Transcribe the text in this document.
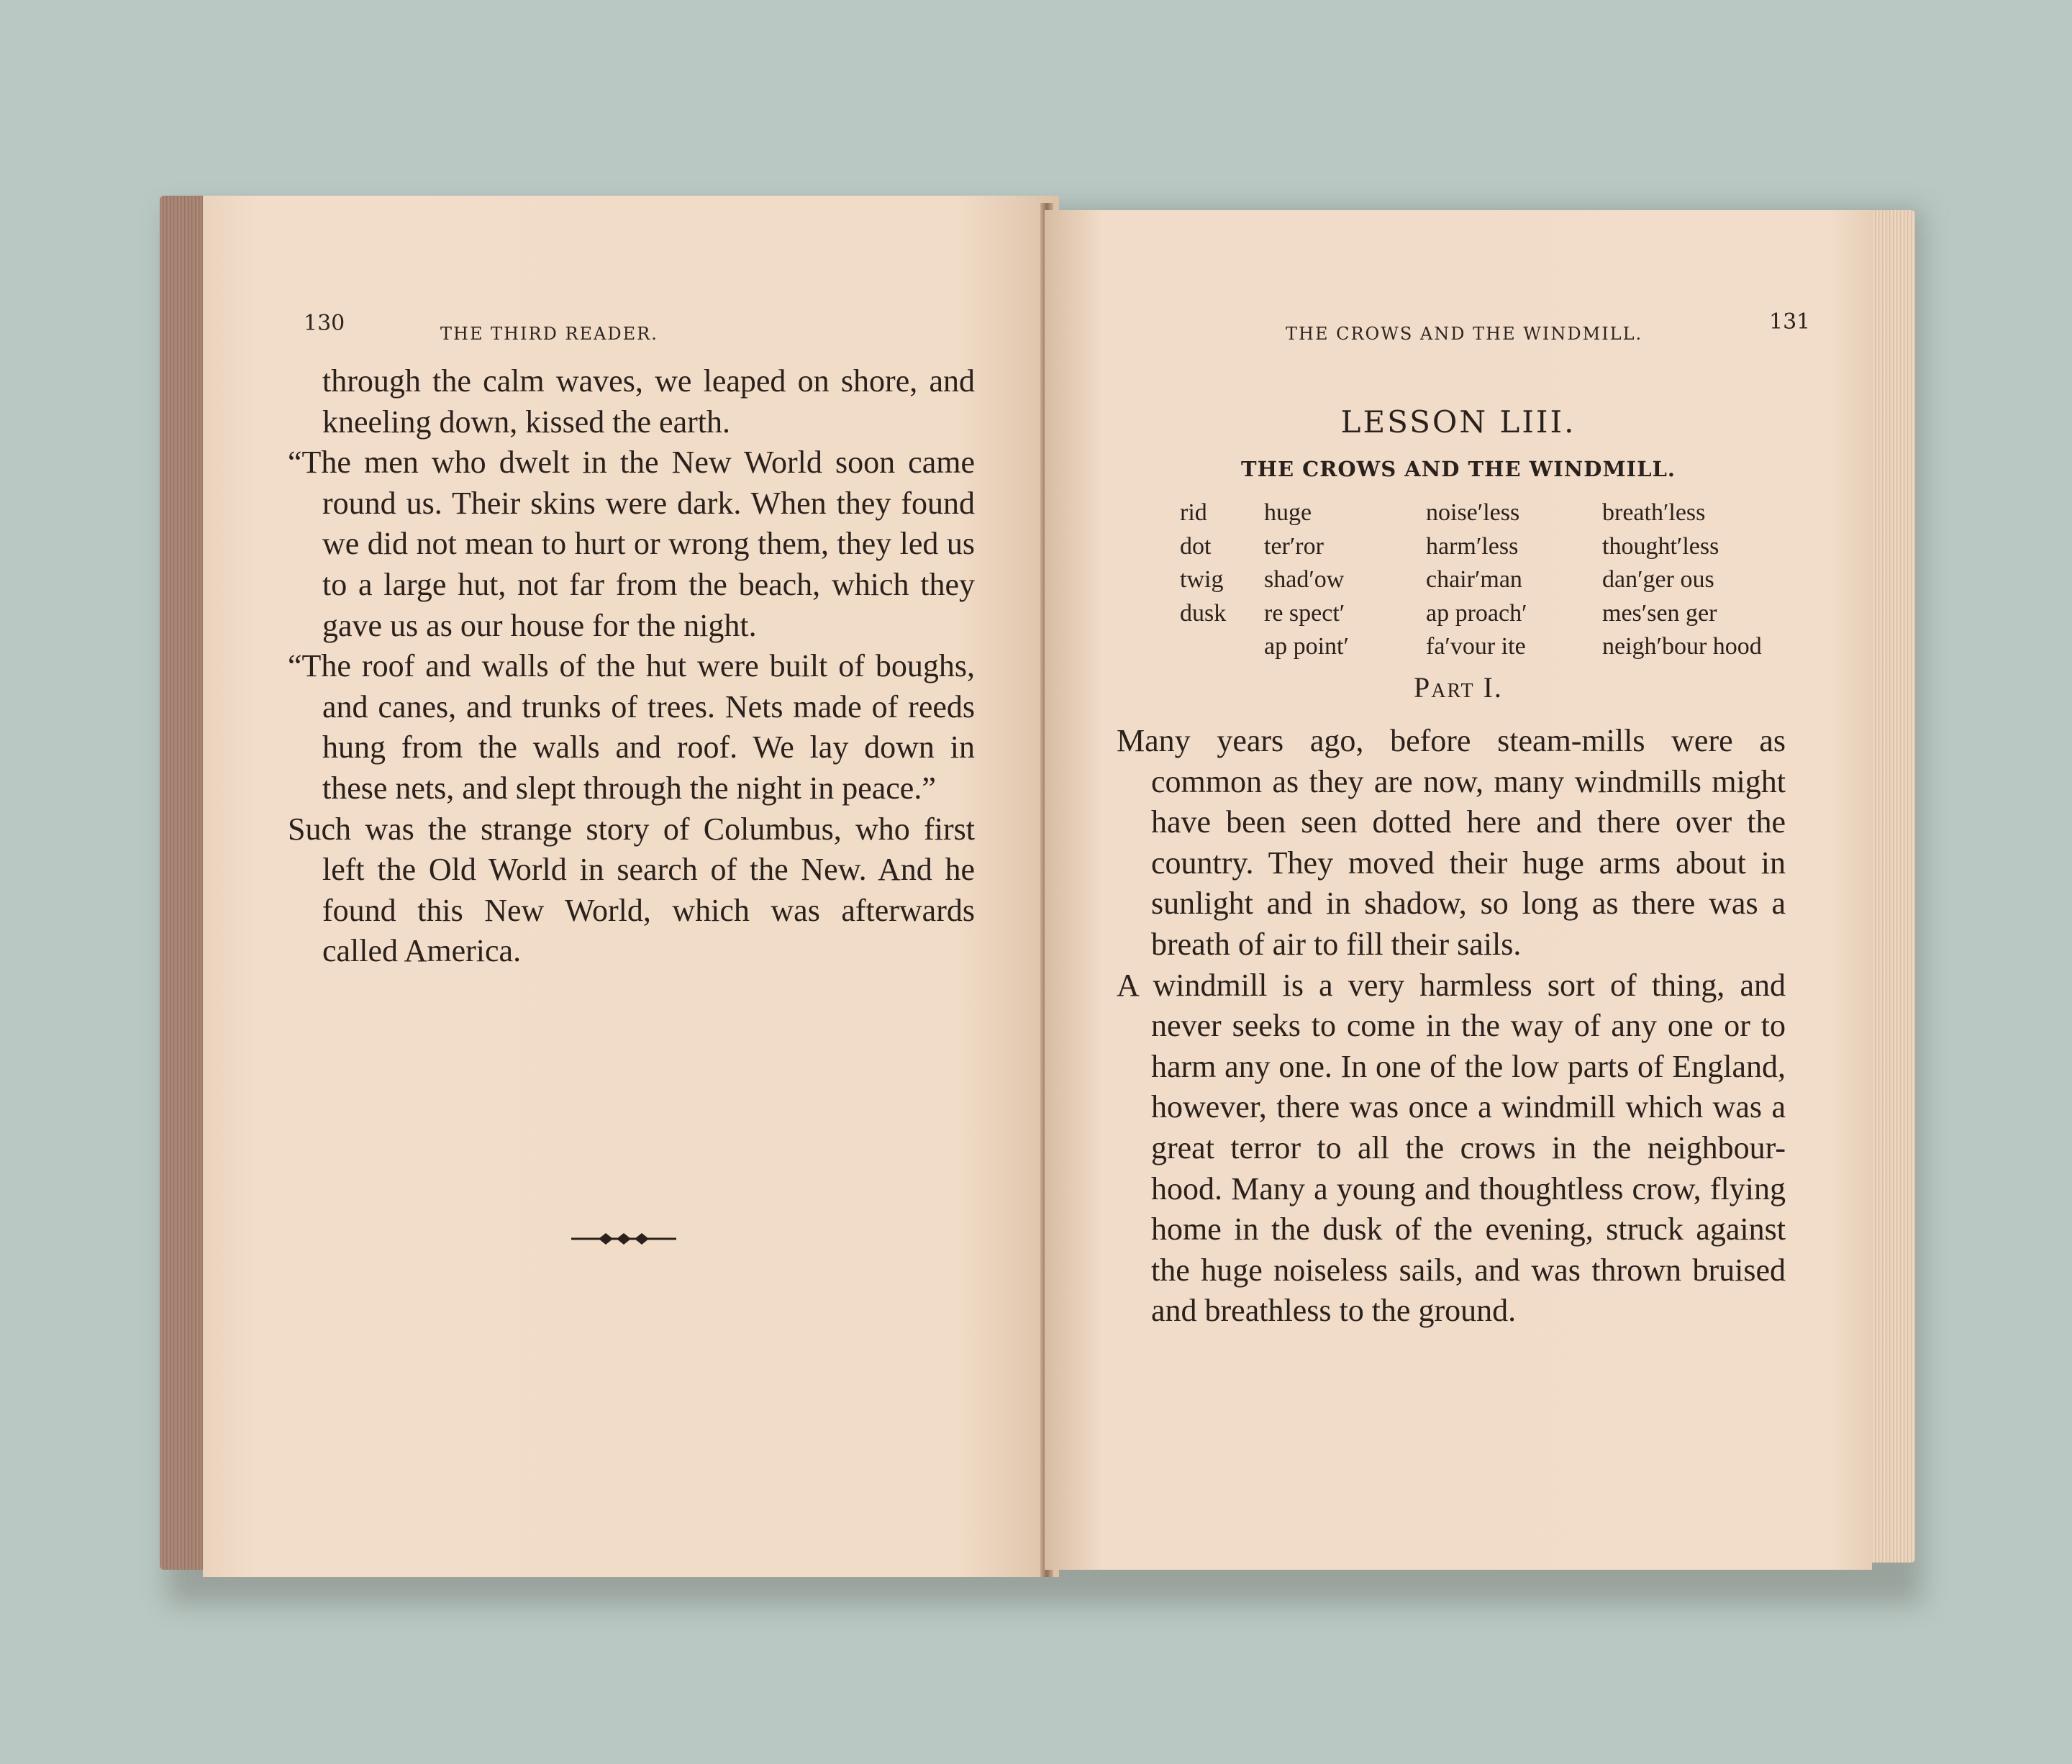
130	THE THIRD READER.

through the calm waves, we leaped on shore, and kneeling down, kissed the earth.

“The men who dwelt in the New World soon came round us. Their skins were dark. When they found we did not mean to hurt or wrong them, they led us to a large hut, not far from the beach, which they gave us as our house for the night.

“The roof and walls of the hut were built of boughs, and canes, and trunks of trees. Nets made of reeds hung from the walls and roof. We lay down in these nets, and slept through the night in peace.”

Such was the strange story of Columbus, who first left the Old World in search of the New. And he found this New World, which was afterwards called America.

THE CROWS AND THE WINDMILL.	131
LESSON LIII.
THE CROWS AND THE WINDMILL.
rid
dot
twig
dusk
huge
ter′ror
shad′ow
re spect′
ap point′
noise′less
harm′less
chair′man
ap proach′
fa′vour ite
breath′less
thought′less
dan′ger ous
mes′sen ger
neigh′bour hood
Part I.

Many years ago, before steam-mills were as common as they are now, many windmills might have been seen dotted here and there over the country. They moved their huge arms about in sunlight and in shadow, so long as there was a breath of air to fill their sails.

A windmill is a very harmless sort of thing, and never seeks to come in the way of any one or to harm any one. In one of the low parts of England, however, there was once a windmill which was a great terror to all the crows in the neighbour-hood. Many a young and thoughtless crow, flying home in the dusk of the evening, struck against the huge noiseless sails, and was thrown bruised and breathless to the ground.
